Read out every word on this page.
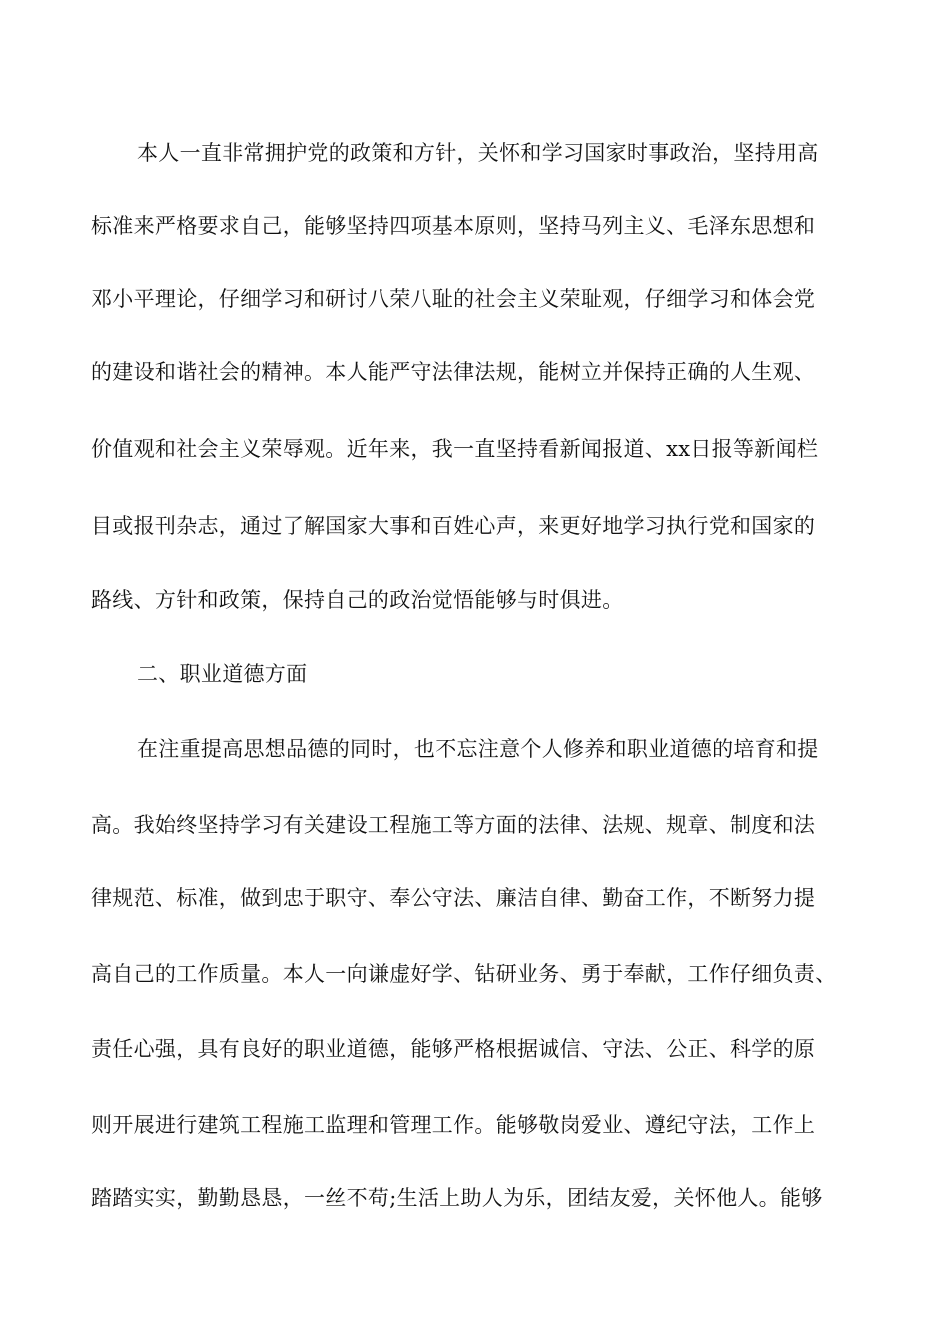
本人一直非常拥护党的政策和方针，关怀和学习国家时事政治，坚持用高
标准来严格要求自己，能够坚持四项基本原则，坚持马列主义、毛泽东思想和
邓小平理论，仔细学习和研讨八荣八耻的社会主义荣耻观，仔细学习和体会党
的建设和谐社会的精神。本人能严守法律法规，能树立并保持正确的人生观、
价值观和社会主义荣辱观。近年来，我一直坚持看新闻报道、xx日报等新闻栏
目或报刊杂志，通过了解国家大事和百姓心声，来更好地学习执行党和国家的
路线、方针和政策，保持自己的政治觉悟能够与时俱进。
二、职业道德方面
在注重提高思想品德的同时，也不忘注意个人修养和职业道德的培育和提
高。我始终坚持学习有关建设工程施工等方面的法律、法规、规章、制度和法
律规范、标准，做到忠于职守、奉公守法、廉洁自律、勤奋工作，不断努力提
高自己的工作质量。本人一向谦虚好学、钻研业务、勇于奉献，工作仔细负责、
责任心强，具有良好的职业道德，能够严格根据诚信、守法、公正、科学的原
则开展进行建筑工程施工监理和管理工作。能够敬岗爱业、遵纪守法，工作上
踏踏实实，勤勤恳恳，一丝不苟;生活上助人为乐，团结友爱，关怀他人。能够
